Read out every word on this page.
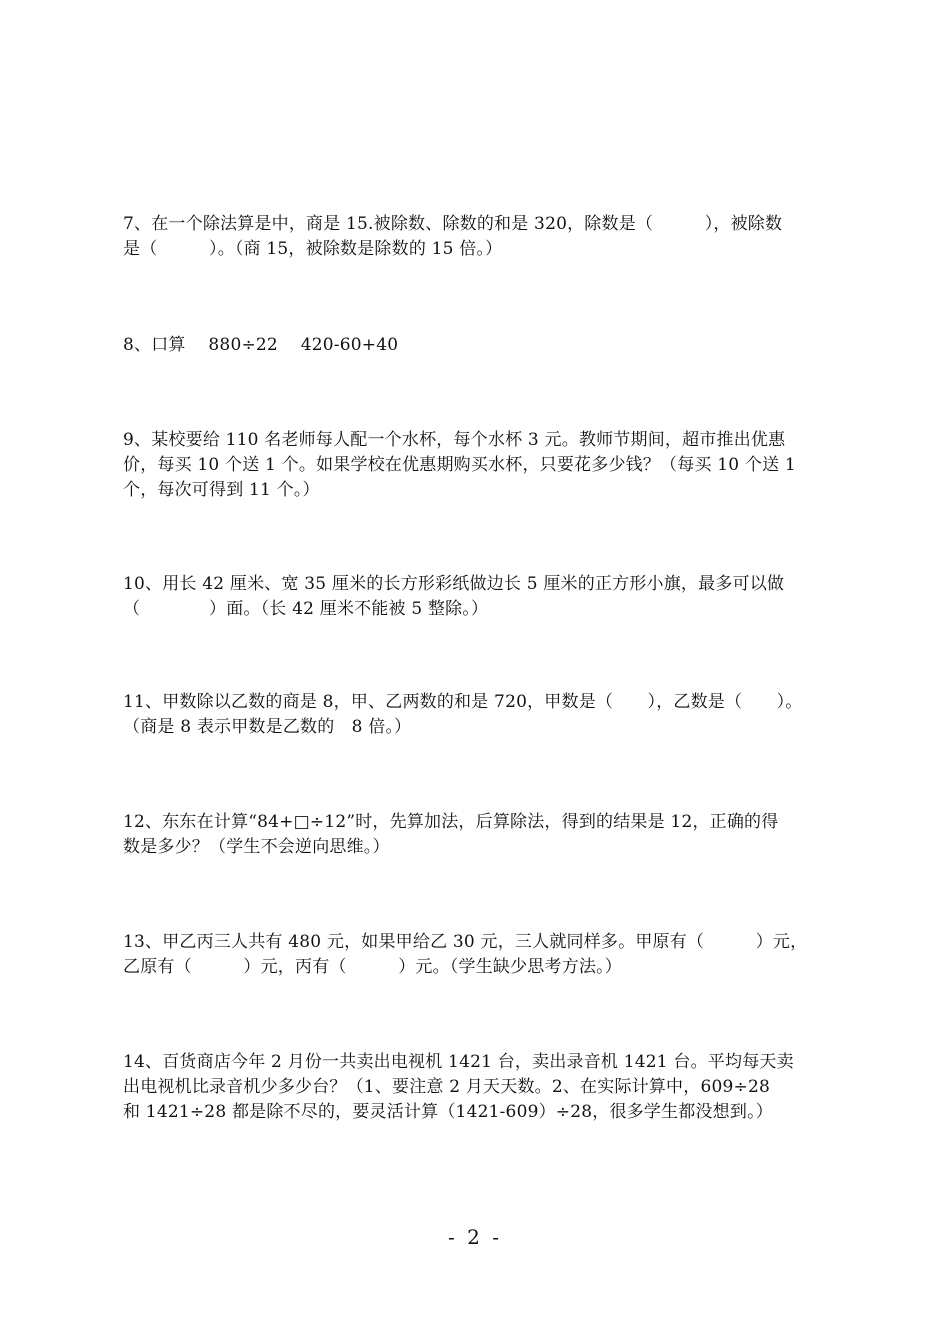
7、在一个除法算是中，商是 15.被除数、除数的和是 320，除数是（　　　），被除数
是（　　　）。（商 15，被除数是除数的 15 倍。）
8、口算　 880÷22　 420-60+40
9、某校要给 110 名老师每人配一个水杯，每个水杯 3 元。教师节期间，超市推出优惠
价，每买 10 个送 1 个。如果学校在优惠期购买水杯，只要花多少钱？（每买 10 个送 1
个，每次可得到 11 个。）
10、用长 42 厘米、宽 35 厘米的长方形彩纸做边长 5 厘米的正方形小旗，最多可以做
（　　　　）面。（长 42 厘米不能被 5 整除。）
11、甲数除以乙数的商是 8，甲、乙两数的和是 720，甲数是（　　），乙数是（　　）。
（商是 8 表示甲数是乙数的　8 倍。）
12、东东在计算“84+□÷12”时，先算加法，后算除法，得到的结果是 12，正确的得
数是多少？（学生不会逆向思维。）
13、甲乙丙三人共有 480 元，如果甲给乙 30 元，三人就同样多。甲原有（　　　）元，
乙原有（　　　）元，丙有（　　　）元。（学生缺少思考方法。）
14、百货商店今年 2 月份一共卖出电视机 1421 台，卖出录音机 1421 台。平均每天卖
出电视机比录音机少多少台？（1、要注意 2 月天天数。2、在实际计算中，609÷28
和 1421÷28 都是除不尽的，要灵活计算（1421-609）÷28，很多学生都没想到。）
- 2 -
